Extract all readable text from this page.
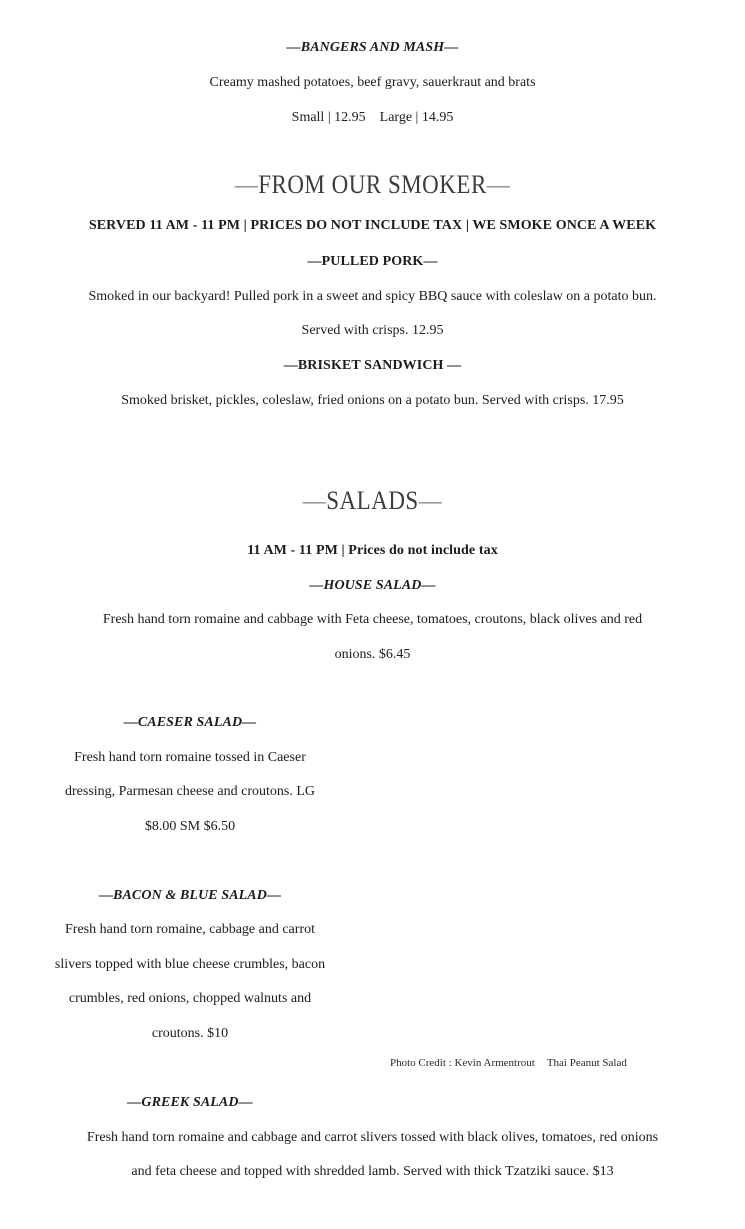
—BANGERS AND MASH—
Creamy mashed potatoes, beef gravy, sauerkraut and brats
Small | 12.95 Large | 14.95
—FROM OUR SMOKER—
SERVED 11 AM - 11 PM | PRICES DO NOT INCLUDE TAX | WE SMOKE ONCE A WEEK
—PULLED PORK—
Smoked in our backyard! Pulled pork in a sweet and spicy BBQ sauce with coleslaw on a potato bun.
Served with crisps. 12.95
—BRISKET SANDWICH —
Smoked brisket, pickles, coleslaw, fried onions on a potato bun. Served with crisps. 17.95
—SALADS—
11 AM - 11 PM | Prices do not include tax
—HOUSE SALAD—
Fresh hand torn romaine and cabbage with Feta cheese, tomatoes, croutons, black olives and red
onions. $6.45
—CAESER SALAD—
Fresh hand torn romaine tossed in Caeser
dressing, Parmesan cheese and croutons. LG
$8.00 SM $6.50
—BACON & BLUE SALAD—
Fresh hand torn romaine, cabbage and carrot
slivers topped with blue cheese crumbles, bacon
crumbles, red onions, chopped walnuts and
croutons. $10
Photo Credit : Kevin Armentrout Thai Peanut Salad
—GREEK SALAD—
Fresh hand torn romaine and cabbage and carrot slivers tossed with black olives, tomatoes, red onions
and feta cheese and topped with shredded lamb. Served with thick Tzatziki sauce. $13
